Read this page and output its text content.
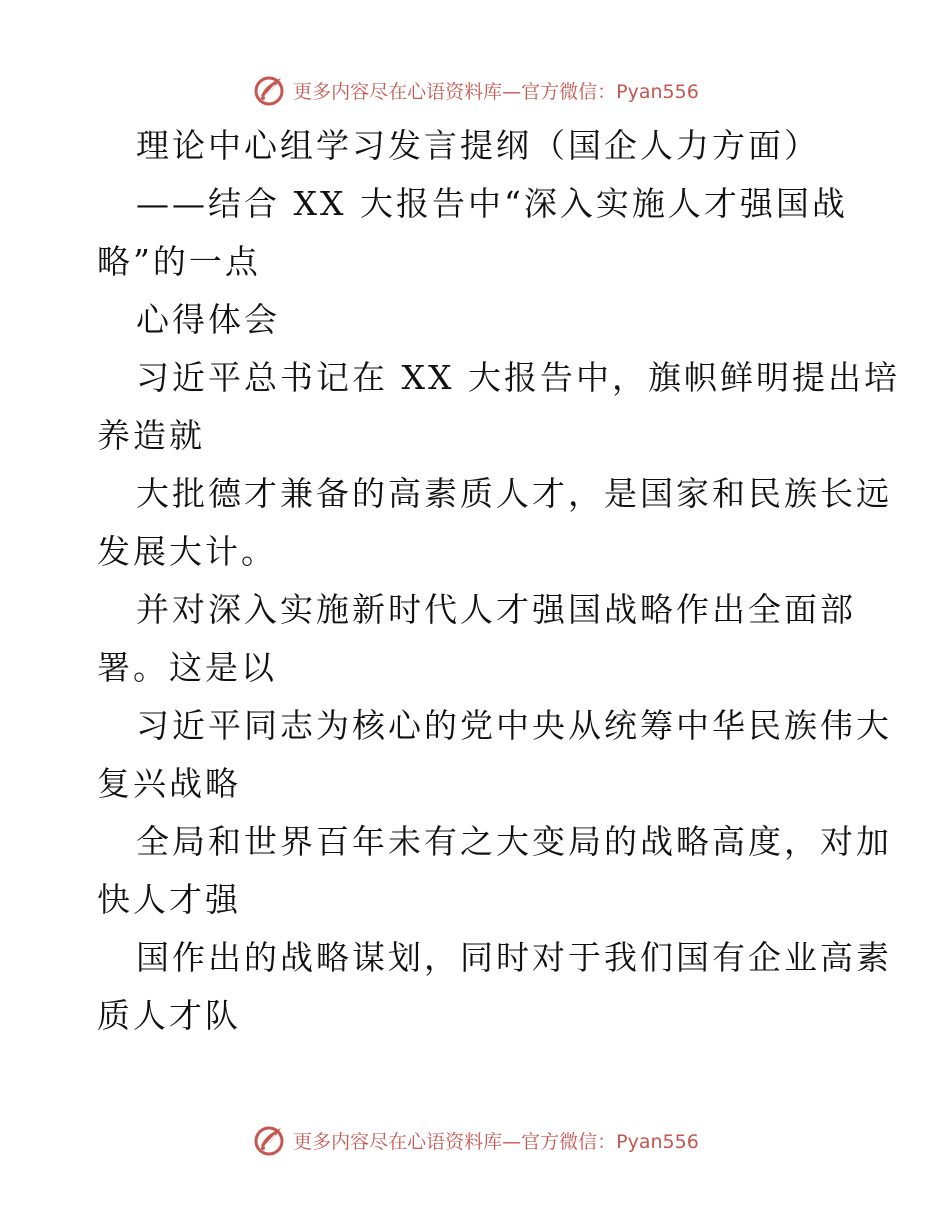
更多内容尽在心语资料库—官方微信：Pyan556
理论中心组学习发言提纲（国企人力方面）
——结合 XX 大报告中“深入实施人才强国战
略”的一点
心得体会
习近平总书记在 XX 大报告中，旗帜鲜明提出培
养造就
大批德才兼备的高素质人才，是国家和民族长远
发展大计。
并对深入实施新时代人才强国战略作出全面部
署。这是以
习近平同志为核心的党中央从统筹中华民族伟大
复兴战略
全局和世界百年未有之大变局的战略高度，对加
快人才强
国作出的战略谋划，同时对于我们国有企业高素
质人才队
更多内容尽在心语资料库—官方微信：Pyan556
